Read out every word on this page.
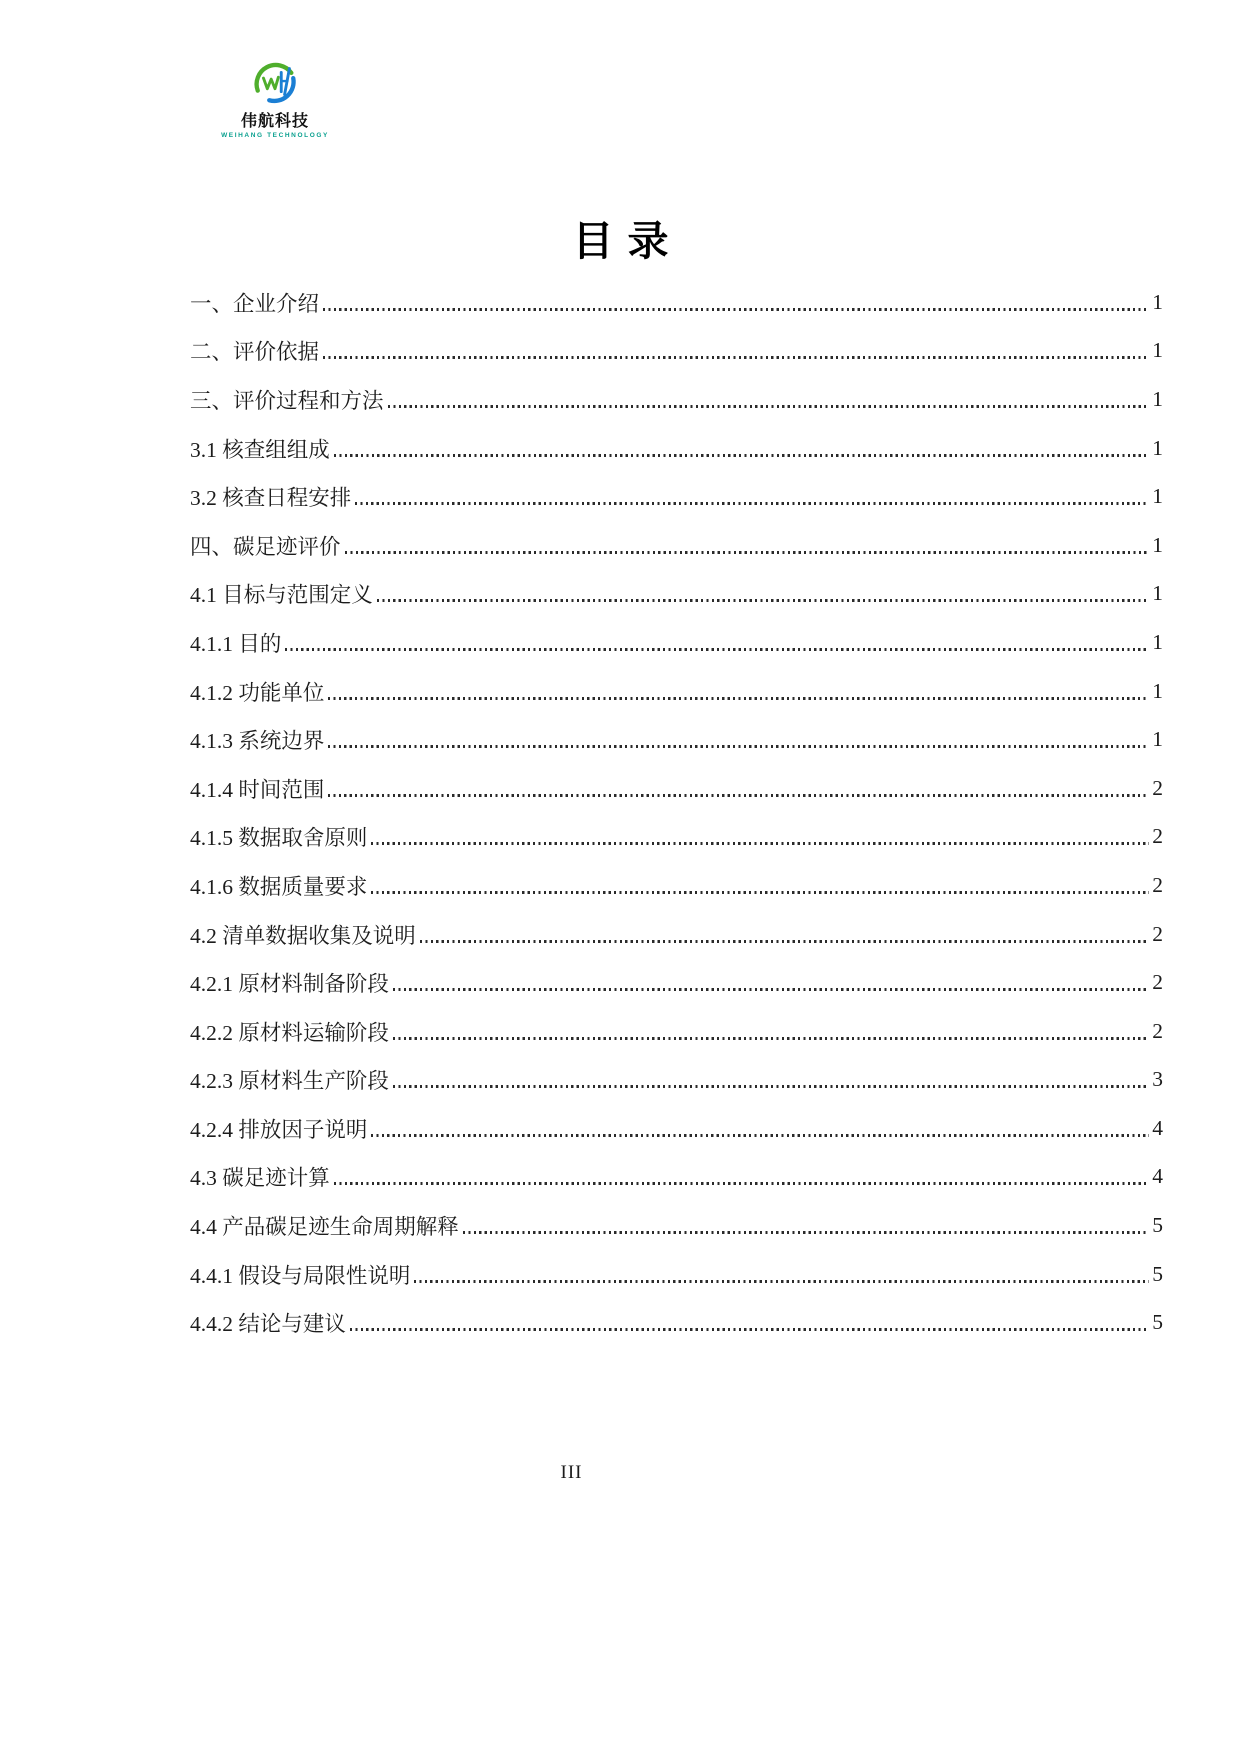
伟航科技
WEIHANG TECHNOLOGY
目录
一、企业介绍	1
二、评价依据	1
三、评价过程和方法	1
3.1 核查组组成	1
3.2 核查日程安排	1
四、碳足迹评价	1
4.1 目标与范围定义	1
4.1.1 目的	1
4.1.2 功能单位	1
4.1.3 系统边界	1
4.1.4 时间范围	2
4.1.5 数据取舍原则	2
4.1.6 数据质量要求	2
4.2 清单数据收集及说明	2
4.2.1 原材料制备阶段	2
4.2.2 原材料运输阶段	2
4.2.3 原材料生产阶段	3
4.2.4 排放因子说明	4
4.3 碳足迹计算	4
4.4 产品碳足迹生命周期解释	5
4.4.1 假设与局限性说明	5
4.4.2 结论与建议	5
III
